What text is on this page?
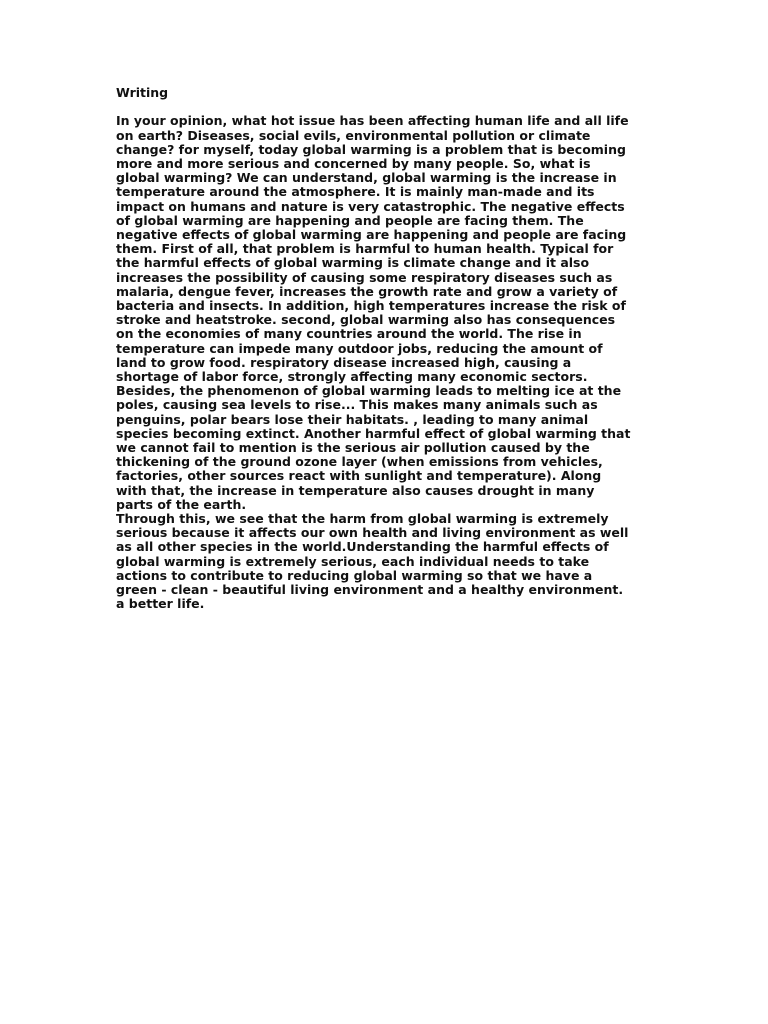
Writing

In your opinion, what hot issue has been affecting human life and all life
on earth? Diseases, social evils, environmental pollution or climate
change? for myself, today global warming is a problem that is becoming
more and more serious and concerned by many people. So, what is
global warming? We can understand, global warming is the increase in
temperature around the atmosphere. It is mainly man-made and its
impact on humans and nature is very catastrophic. The negative effects
of global warming are happening and people are facing them. The
negative effects of global warming are happening and people are facing
them. First of all, that problem is harmful to human health. Typical for
the harmful effects of global warming is climate change and it also
increases the possibility of causing some respiratory diseases such as
malaria, dengue fever, increases the growth rate and grow a variety of
bacteria and insects. In addition, high temperatures increase the risk of
stroke and heatstroke. second, global warming also has consequences
on the economies of many countries around the world. The rise in
temperature can impede many outdoor jobs, reducing the amount of
land to grow food. respiratory disease increased high, causing a
shortage of labor force, strongly affecting many economic sectors.
Besides, the phenomenon of global warming leads to melting ice at the
poles, causing sea levels to rise... This makes many animals such as
penguins, polar bears lose their habitats. , leading to many animal
species becoming extinct. Another harmful effect of global warming that
we cannot fail to mention is the serious air pollution caused by the
thickening of the ground ozone layer (when emissions from vehicles,
factories, other sources react with sunlight and temperature). Along
with that, the increase in temperature also causes drought in many
parts of the earth.

Through this, we see that the harm from global warming is extremely
serious because it affects our own health and living environment as well
as all other species in the world.Understanding the harmful effects of
global warming is extremely serious, each individual needs to take
actions to contribute to reducing global warming so that we have a
green - clean - beautiful living environment and a healthy environment.
a better life.
